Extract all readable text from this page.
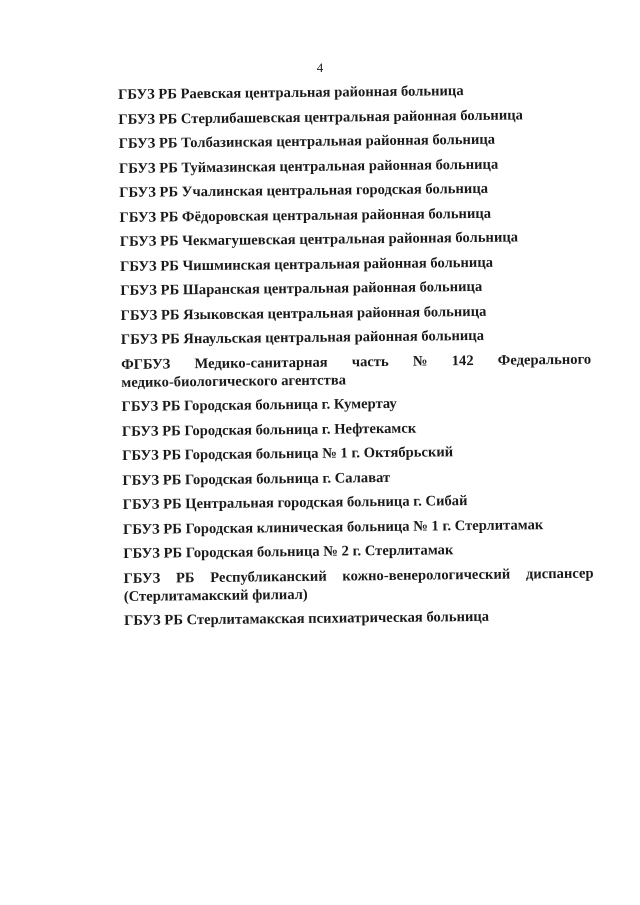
4
ГБУЗ РБ Раевская центральная районная больница
ГБУЗ РБ Стерлибашевская центральная районная больница
ГБУЗ РБ Толбазинская центральная районная больница
ГБУЗ РБ Туймазинская центральная районная больница
ГБУЗ РБ Учалинская центральная городская больница
ГБУЗ РБ Фёдоровская центральная районная больница
ГБУЗ РБ Чекмагушевская центральная районная больница
ГБУЗ РБ Чишминская центральная районная больница
ГБУЗ РБ Шаранская центральная районная больница
ГБУЗ РБ Языковская центральная районная больница
ГБУЗ РБ Янаульская центральная районная больница
ФГБУЗ Медико-санитарная часть № 142 Федерального
медико-биологического агентства
ГБУЗ РБ Городская больница г. Кумертау
ГБУЗ РБ Городская больница г. Нефтекамск
ГБУЗ РБ Городская больница № 1 г. Октябрьский
ГБУЗ РБ Городская больница г. Салават
ГБУЗ РБ Центральная городская больница г. Сибай
ГБУЗ РБ Городская клиническая больница № 1 г. Стерлитамак
ГБУЗ РБ Городская больница № 2 г. Стерлитамак
ГБУЗ РБ Республиканский кожно-венерологический диспансер
(Стерлитамакский филиал)
ГБУЗ РБ Стерлитамакская психиатрическая больница
